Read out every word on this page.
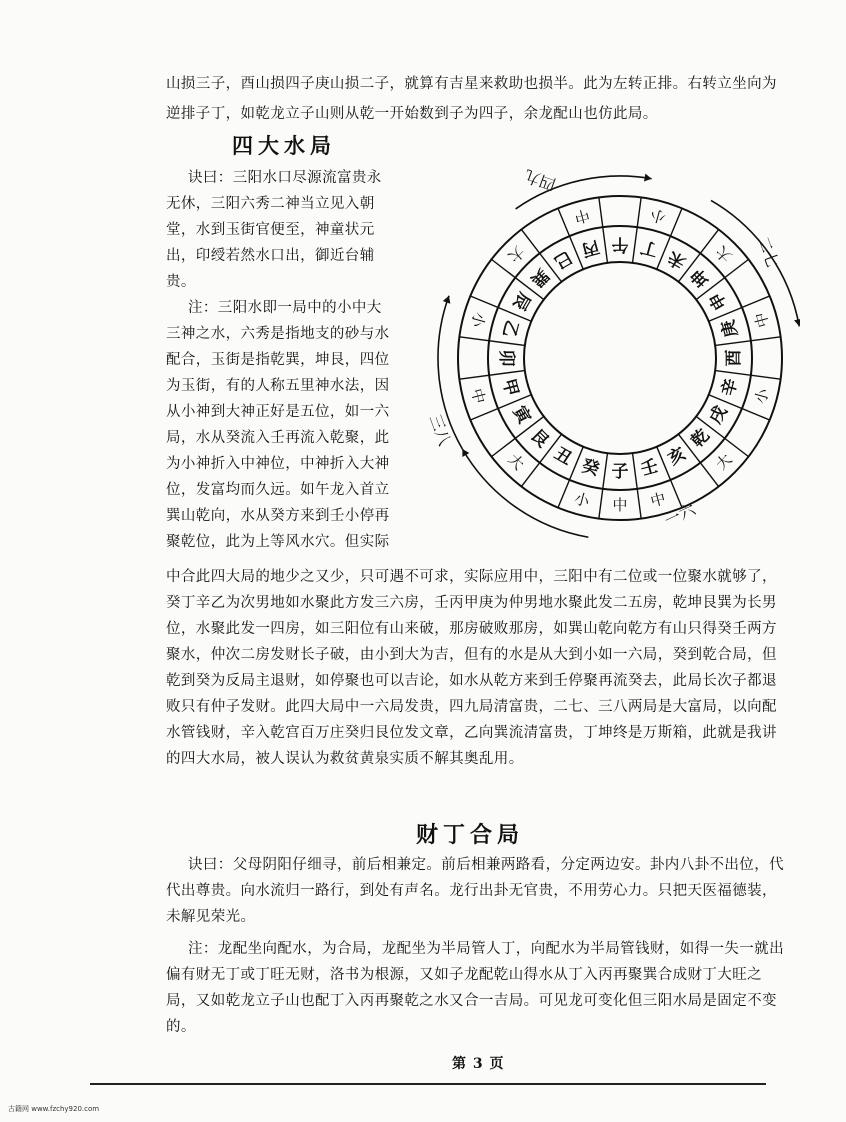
山损三子，酉山损四子庚山损二子，就算有吉星来救助也损半。此为左转正排。右转立坐向为
逆排子丁，如乾龙立子山则从乾一开始数到子为四子，余龙配山也仿此局。
四大水局
诀曰：三阳水口尽源流富贵永
无休，三阳六秀二神当立见入朝
堂，水到玉街官便至，神童状元
出，印绶若然水口出，御近台辅
贵。
注：三阳水即一局中的小中大
三神之水，六秀是指地支的砂与水
配合，玉街是指乾巽，坤艮，四位
为玉街，有的人称五里神水法，因
从小神到大神正好是五位，如一六
局，水从癸流入壬再流入乾聚，此
为小神折入中神位，中神折入大神
位，发富均而久远。如午龙入首立
巽山乾向，水从癸方来到壬小停再
聚乾位，此为上等风水穴。但实际
中合此四大局的地少之又少，只可遇不可求，实际应用中，三阳中有二位或一位聚水就够了，
癸丁辛乙为次男地如水聚此方发三六房，壬丙甲庚为仲男地水聚此发二五房，乾坤艮巽为长男
位，水聚此发一四房，如三阳位有山来破，那房破败那房，如巽山乾向乾方有山只得癸壬两方
聚水，仲次二房发财长子破，由小到大为吉，但有的水是从大到小如一六局，癸到乾合局，但
乾到癸为反局主退财，如停聚也可以吉论，如水从乾方来到壬停聚再流癸去，此局长次子都退
败只有仲子发财。此四大局中一六局发贵，四九局清富贵，二七、三八两局是大富局，以向配
水管钱财，辛入乾宫百万庄癸归艮位发文章，乙向巽流清富贵，丁坤终是万斯箱，此就是我讲
的四大水局，被人误认为救贫黄泉实质不解其奥乱用。
财丁合局
诀曰：父母阴阳仔细寻，前后相兼定。前后相兼两路看，分定两边安。卦内八卦不出位，代
代出尊贵。向水流归一路行，到处有声名。龙行出卦无官贵，不用劳心力。只把天医福德装，
未解见荣光。
注：龙配坐向配水，为合局，龙配坐为半局管人丁，向配水为半局管钱财，如得一失一就出
偏有财无丁或丁旺无财，洛书为根源，又如子龙配乾山得水从丁入丙再聚巽合成财丁大旺之
局，又如乾龙立子山也配丁入丙再聚乾之水又合一吉局。可见龙可变化但三阳水局是固定不变
的。
子
中
癸
小
丑
艮
大
寅
甲
中
卯
乙
小
辰
巽
大 巳 丙
中
午 丁
小
未
坤
大
申
庚 中
酉
辛 小
戌
乾
大
亥
壬
中
一六
二七
三八
四九
第 3 页
古籍网 www.fzchy920.com
